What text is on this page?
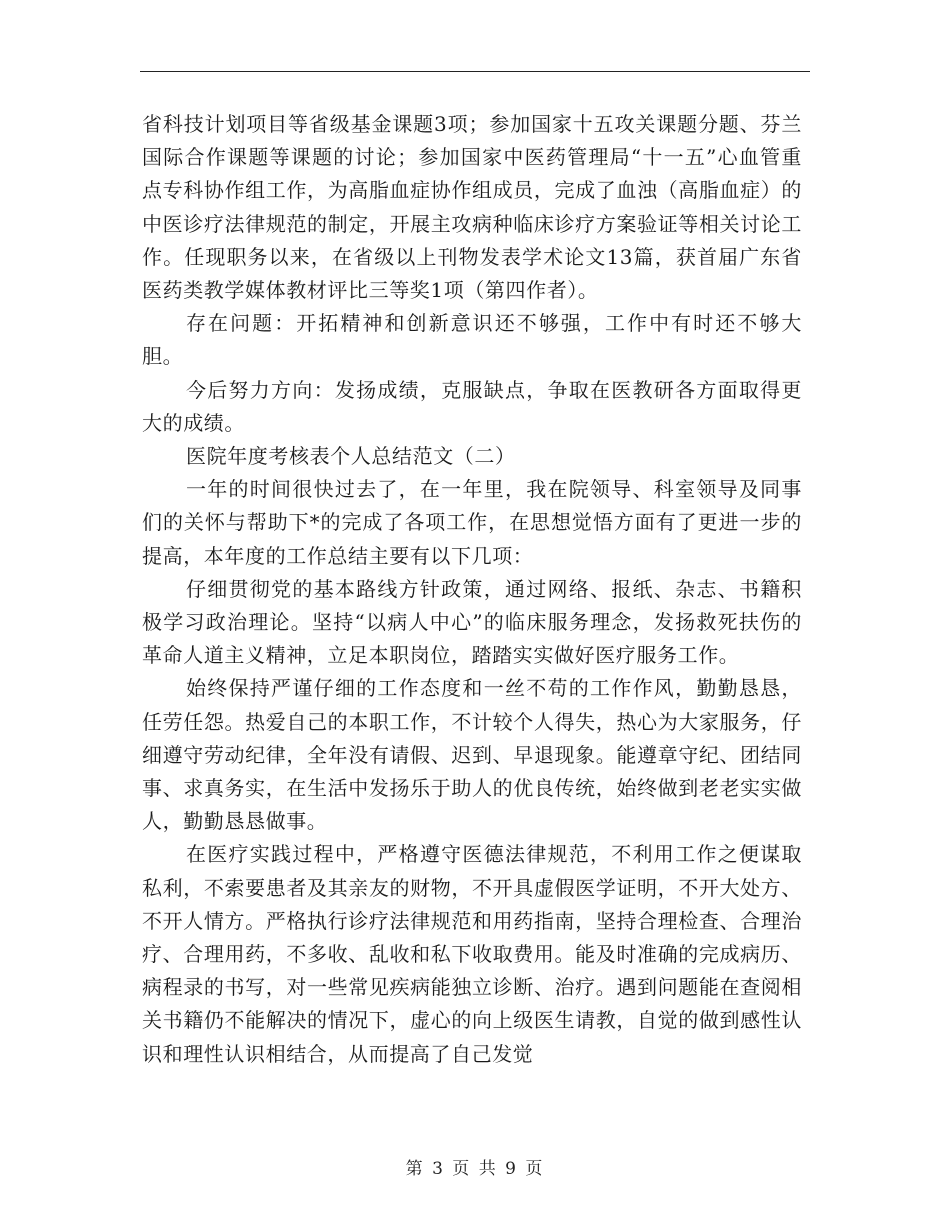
省科技计划项目等省级基金课题3项；参加国家十五攻关课题分题、芬兰国际合作课题等课题的讨论；参加国家中医药管理局“十一五”心血管重点专科协作组工作，为高脂血症协作组成员，完成了血浊（高脂血症）的中医诊疗法律规范的制定，开展主攻病种临床诊疗方案验证等相关讨论工作。任现职务以来，在省级以上刊物发表学术论文13篇，获首届广东省医药类教学媒体教材评比三等奖1项（第四作者）。

存在问题：开拓精神和创新意识还不够强，工作中有时还不够大胆。

今后努力方向：发扬成绩，克服缺点，争取在医教研各方面取得更大的成绩。

医院年度考核表个人总结范文（二）

一年的时间很快过去了，在一年里，我在院领导、科室领导及同事们的关怀与帮助下*的完成了各项工作，在思想觉悟方面有了更进一步的提高，本年度的工作总结主要有以下几项：

仔细贯彻党的基本路线方针政策，通过网络、报纸、杂志、书籍积极学习政治理论。坚持“以病人中心”的临床服务理念，发扬救死扶伤的革命人道主义精神，立足本职岗位，踏踏实实做好医疗服务工作。

始终保持严谨仔细的工作态度和一丝不苟的工作作风，勤勤恳恳，任劳任怨。热爱自己的本职工作，不计较个人得失，热心为大家服务，仔细遵守劳动纪律，全年没有请假、迟到、早退现象。能遵章守纪、团结同事、求真务实，在生活中发扬乐于助人的优良传统，始终做到老老实实做人，勤勤恳恳做事。

在医疗实践过程中，严格遵守医德法律规范，不利用工作之便谋取私利，不索要患者及其亲友的财物，不开具虚假医学证明，不开大处方、不开人情方。严格执行诊疗法律规范和用药指南，坚持合理检查、合理治疗、合理用药，不多收、乱收和私下收取费用。能及时准确的完成病历、病程录的书写，对一些常见疾病能独立诊断、治疗。遇到问题能在查阅相关书籍仍不能解决的情况下，虚心的向上级医生请教，自觉的做到感性认识和理性认识相结合，从而提高了自己发觉

第 3 页 共 9 页
